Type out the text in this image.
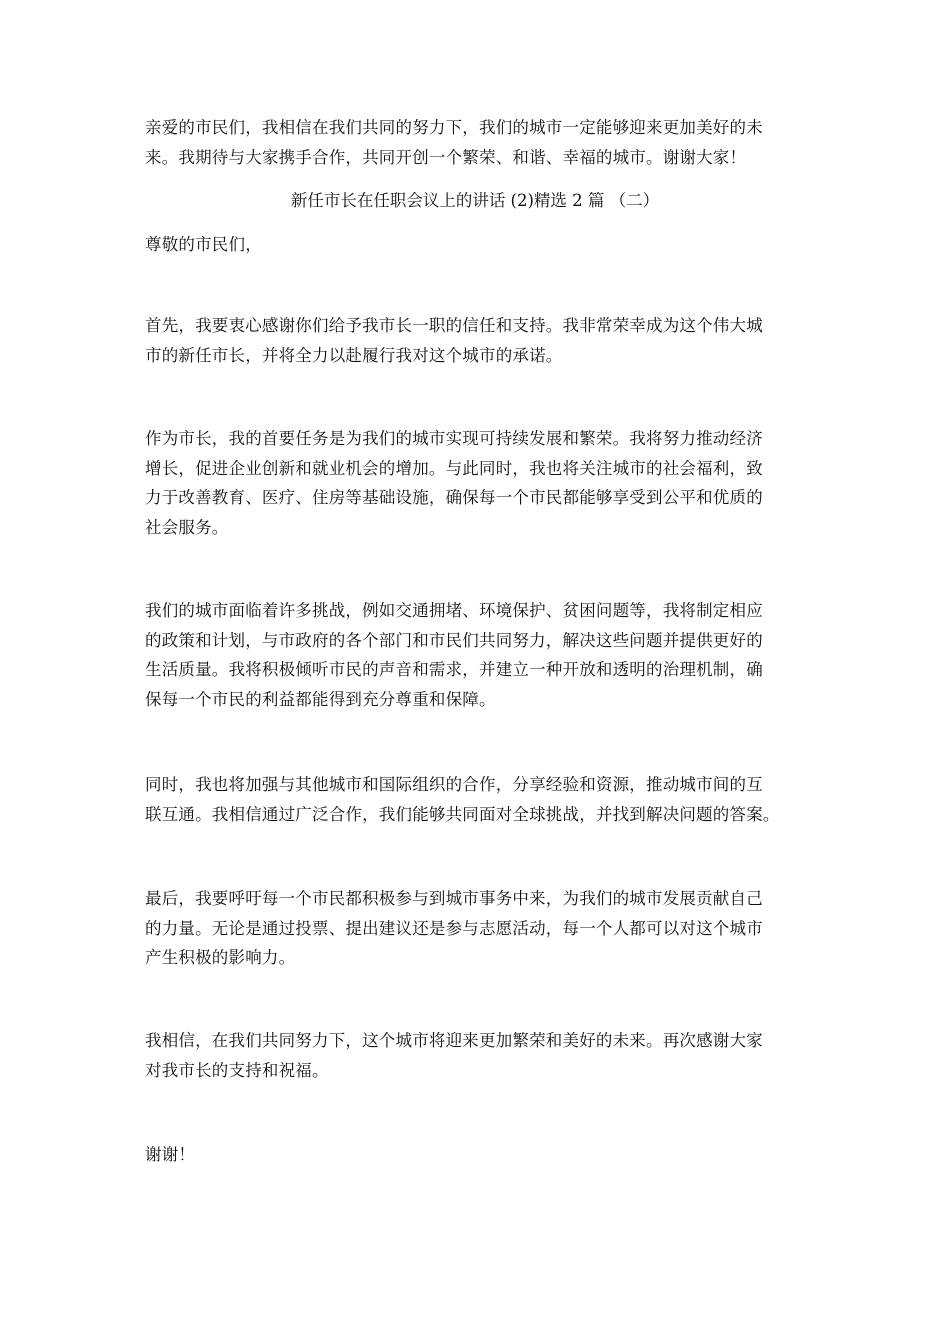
亲爱的市民们，我相信在我们共同的努力下，我们的城市一定能够迎来更加美好的未
来。我期待与大家携手合作，共同开创一个繁荣、和谐、幸福的城市。谢谢大家！

新任市长在任职会议上的讲话 (2)精选 2 篇 （二）

尊敬的市民们，

首先，我要衷心感谢你们给予我市长一职的信任和支持。我非常荣幸成为这个伟大城
市的新任市长，并将全力以赴履行我对这个城市的承诺。

作为市长，我的首要任务是为我们的城市实现可持续发展和繁荣。我将努力推动经济
增长，促进企业创新和就业机会的增加。与此同时，我也将关注城市的社会福利，致
力于改善教育、医疗、住房等基础设施，确保每一个市民都能够享受到公平和优质的
社会服务。

我们的城市面临着许多挑战，例如交通拥堵、环境保护、贫困问题等，我将制定相应
的政策和计划，与市政府的各个部门和市民们共同努力，解决这些问题并提供更好的
生活质量。我将积极倾听市民的声音和需求，并建立一种开放和透明的治理机制，确
保每一个市民的利益都能得到充分尊重和保障。

同时，我也将加强与其他城市和国际组织的合作，分享经验和资源，推动城市间的互
联互通。我相信通过广泛合作，我们能够共同面对全球挑战，并找到解决问题的答案。

最后，我要呼吁每一个市民都积极参与到城市事务中来，为我们的城市发展贡献自己
的力量。无论是通过投票、提出建议还是参与志愿活动，每一个人都可以对这个城市
产生积极的影响力。

我相信，在我们共同努力下，这个城市将迎来更加繁荣和美好的未来。再次感谢大家
对我市长的支持和祝福。

谢谢！
